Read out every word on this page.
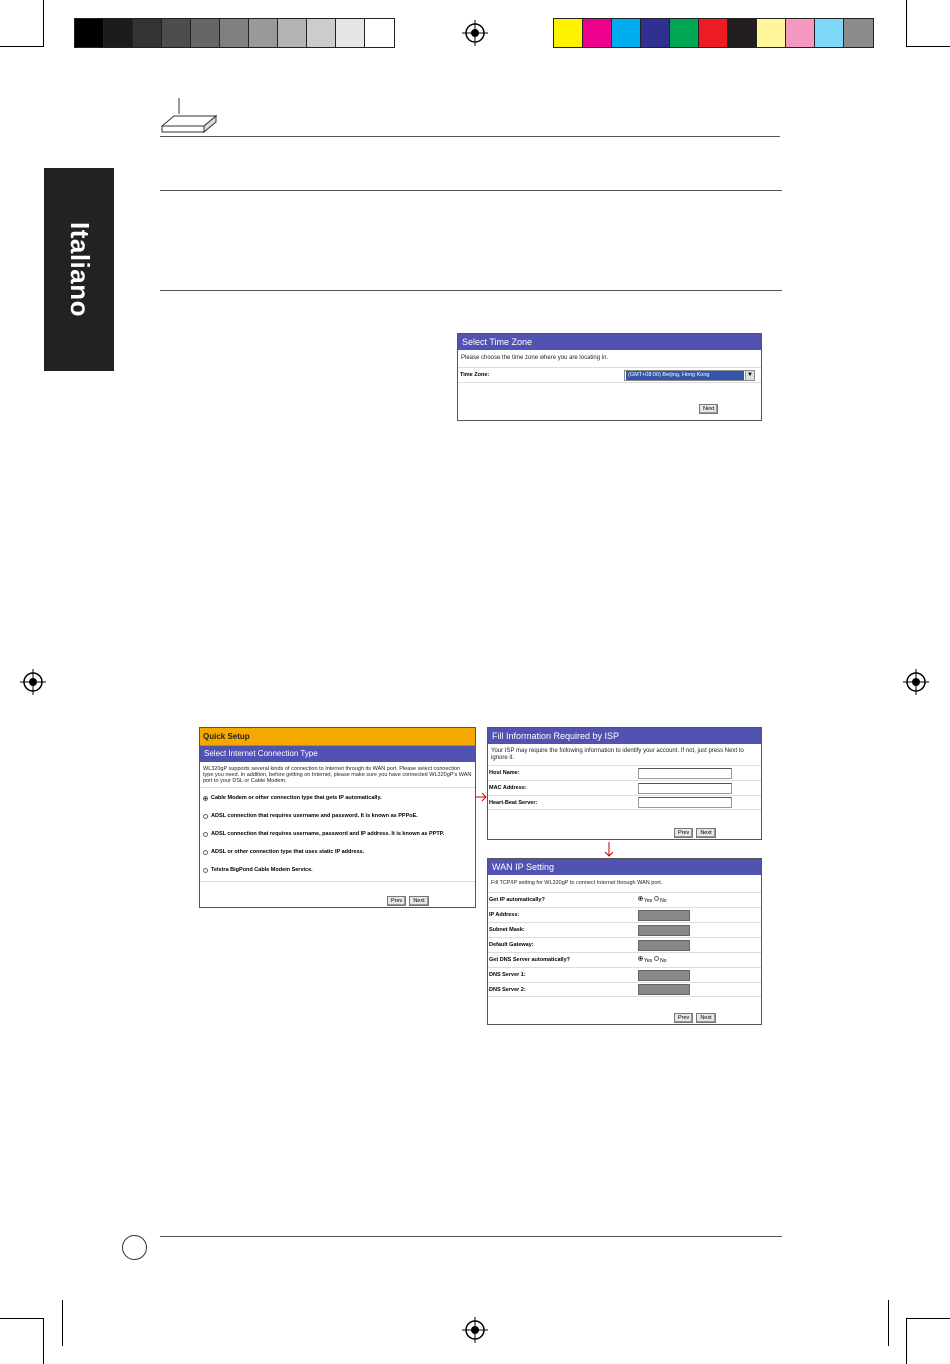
Italiano
Select Time Zone
Please choose the time zone where you are locating in.
Time Zone:	(GMT+08:00) Beijing, Hong Kong	▼
Next
Quick Setup
Select Internet Connection Type
WL320gP supports several kinds of connection to Internet through its WAN port. Please select connection type you need. In addition, before getting on Internet, please make sure you have connected WL320gP's WAN port to your DSL or Cable Modem.
Cable Modem or other connection type that gets IP automatically.
ADSL connection that requires username and password. It is known as PPPoE.
ADSL connection that requires username, password and IP address. It is known as PPTP.
ADSL or other connection type that uses static IP address.
Telstra BigPond Cable Modem Service.
Prev	Next
Fill Information Required by ISP
Your ISP may require the following information to identify your account. If not, just press Next to ignore it.
Host Name:
MAC Address:
Heart-Beat Server:
Prev	Next
WAN IP Setting
Fill TCP/IP setting for WL320gP to connect Internet through WAN port.
Get IP automatically?	Yes No
IP Address:
Subnet Mask:
Default Gateway:
Get DNS Server automatically?	Yes No
DNS Server 1:
DNS Server 2:
Prev	Next
